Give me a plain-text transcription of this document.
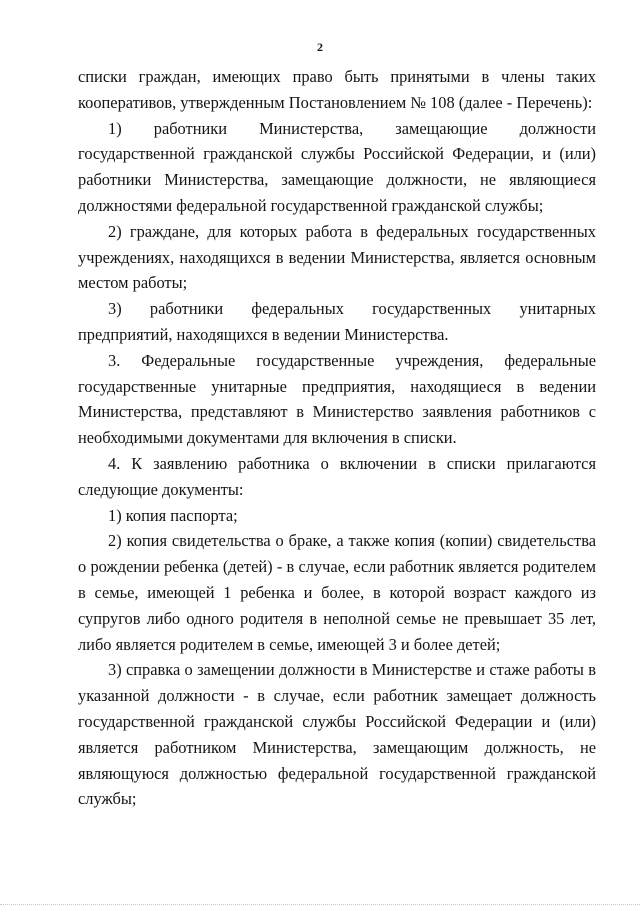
2

списки граждан, имеющих право быть принятыми в члены таких кооперативов, утвержденным Постановлением № 108 (далее - Перечень):

1) работники Министерства, замещающие должности государственной гражданской службы Российской Федерации, и (или) работники Министерства, замещающие должности, не являющиеся должностями федеральной государственной гражданской службы;

2) граждане, для которых работа в федеральных государственных учреждениях, находящихся в ведении Министерства, является основным местом работы;

3) работники федеральных государственных унитарных предприятий, находящихся в ведении Министерства.

3. Федеральные государственные учреждения, федеральные государственные унитарные предприятия, находящиеся в ведении Министерства, представляют в Министерство заявления работников с необходимыми документами для включения в списки.

4. К заявлению работника о включении в списки прилагаются следующие документы:

1) копия паспорта;

2) копия свидетельства о браке, а также копия (копии) свидетельства о рождении ребенка (детей) - в случае, если работник является родителем в семье, имеющей 1 ребенка и более, в которой возраст каждого из супругов либо одного родителя в неполной семье не превышает 35 лет, либо является родителем в семье, имеющей 3 и более детей;

3) справка о замещении должности в Министерстве и стаже работы в указанной должности - в случае, если работник замещает должность государственной гражданской службы Российской Федерации и (или) является работником Министерства, замещающим должность, не являющуюся должностью федеральной государственной гражданской службы;
